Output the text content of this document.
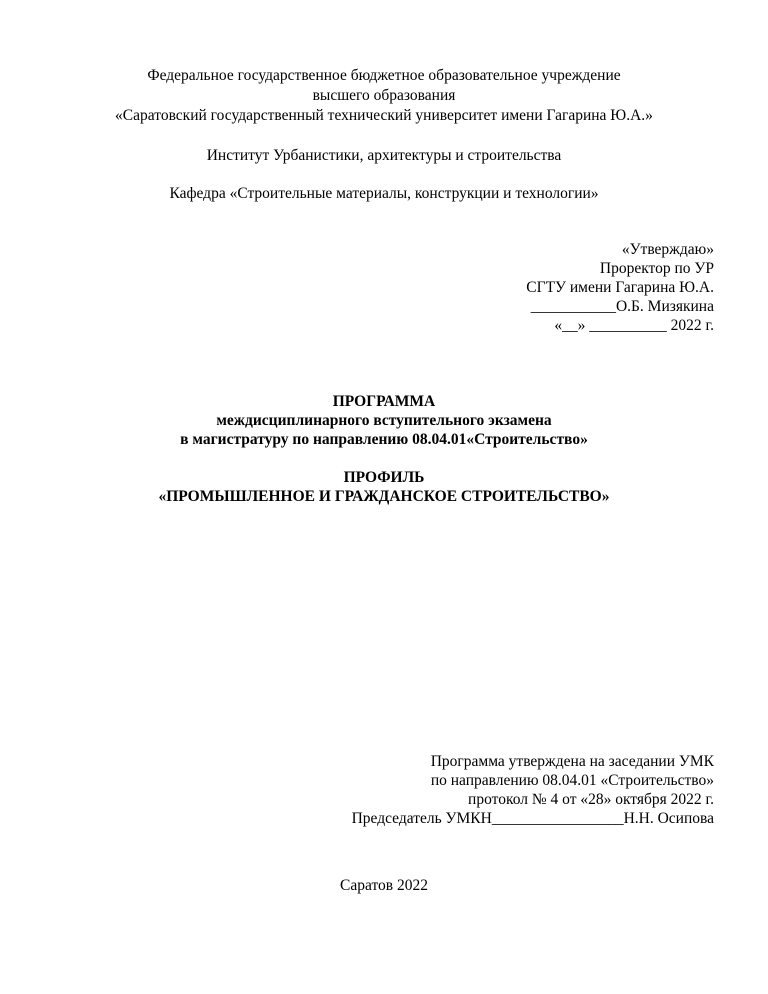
Федеральное государственное бюджетное образовательное учреждение
высшего образования
«Саратовский государственный технический университет имени Гагарина Ю.А.»
Институт Урбанистики, архитектуры и строительства
Кафедра «Строительные материалы, конструкции и технологии»
«Утверждаю»
Проректор по УР
СГТУ имени Гагарина Ю.А.
___________О.Б. Мизякина
«__» __________ 2022 г.
ПРОГРАММА
междисциплинарного вступительного экзамена
в магистратуру по направлению 08.04.01«Строительство»
ПРОФИЛЬ
«ПРОМЫШЛЕННОЕ И ГРАЖДАНСКОЕ СТРОИТЕЛЬСТВО»
Программа утверждена на заседании УМК
по направлению 08.04.01 «Строительство»
протокол № 4 от «28» октября 2022 г.
Председатель УМКН_________________Н.Н. Осипова
Саратов 2022
